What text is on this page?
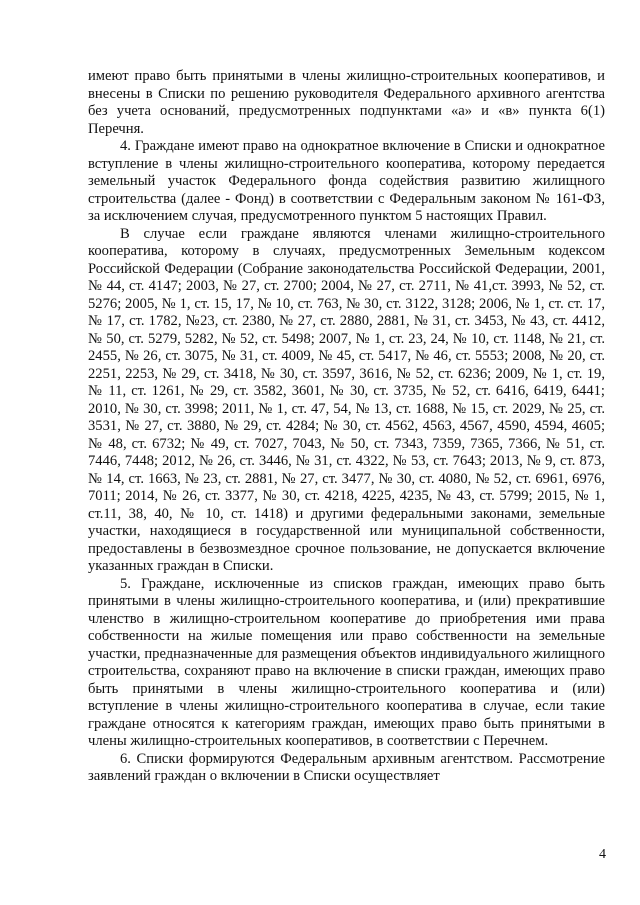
имеют право быть принятыми в члены жилищно-строительных кооперативов, и внесены в Списки по решению руководителя Федерального архивного агентства без учета оснований, предусмотренных подпунктами «а» и «в» пункта 6(1) Перечня.

4. Граждане имеют право на однократное включение в Списки и однократное вступление в члены жилищно-строительного кооператива, которому передается земельный участок Федерального фонда содействия развитию жилищного строительства (далее - Фонд) в соответствии с Федеральным законом № 161-ФЗ, за исключением случая, предусмотренного пунктом 5 настоящих Правил.

В случае если граждане являются членами жилищно-строительного кооператива, которому в случаях, предусмотренных Земельным кодексом Российской Федерации (Собрание законодательства Российской Федерации, 2001, № 44, ст. 4147; 2003, № 27, ст. 2700; 2004, № 27, ст. 2711, № 41,ст. 3993, № 52, ст. 5276; 2005, № 1, ст. 15, 17, № 10, ст. 763, № 30, ст. 3122, 3128; 2006, № 1, ст. ст. 17, № 17, ст. 1782, №23, ст. 2380, № 27, ст. 2880, 2881, № 31, ст. 3453, № 43, ст. 4412, № 50, ст. 5279, 5282, № 52, ст. 5498; 2007, № 1, ст. 23, 24, № 10, ст. 1148, № 21, ст. 2455, № 26, ст. 3075, № 31, ст. 4009, № 45, ст. 5417, № 46, ст. 5553; 2008, № 20, ст. 2251, 2253, № 29, ст. 3418, № 30, ст. 3597, 3616, № 52, ст. 6236; 2009, № 1, ст. 19, № 11, ст. 1261, № 29, ст. 3582, 3601, № 30, ст. 3735, № 52, ст. 6416, 6419, 6441; 2010, № 30, ст. 3998; 2011, № 1, ст. 47, 54, № 13, ст. 1688, № 15, ст. 2029, № 25, ст. 3531, № 27, ст. 3880, № 29, ст. 4284; № 30, ст. 4562, 4563, 4567, 4590, 4594, 4605; № 48, ст. 6732; № 49, ст. 7027, 7043, № 50, ст. 7343, 7359, 7365, 7366, № 51, ст. 7446, 7448; 2012, № 26, ст. 3446, № 31, ст. 4322, № 53, ст. 7643; 2013, № 9, ст. 873, № 14, ст. 1663, № 23, ст. 2881, № 27, ст. 3477, № 30, ст. 4080, № 52, ст. 6961, 6976, 7011; 2014, № 26, ст. 3377, № 30, ст. 4218, 4225, 4235, № 43, ст. 5799; 2015, № 1, ст.11, 38, 40, № 10, ст. 1418) и другими федеральными законами, земельные участки, находящиеся в государственной или муниципальной собственности, предоставлены в безвозмездное срочное пользование, не допускается включение указанных граждан в Списки.

5. Граждане, исключенные из списков граждан, имеющих право быть принятыми в члены жилищно-строительного кооператива, и (или) прекратившие членство в жилищно-строительном кооперативе до приобретения ими права собственности на жилые помещения или право собственности на земельные участки, предназначенные для размещения объектов индивидуального жилищного строительства, сохраняют право на включение в списки граждан, имеющих право быть принятыми в члены жилищно-строительного кооператива и (или) вступление в члены жилищно-строительного кооператива в случае, если такие граждане относятся к категориям граждан, имеющих право быть принятыми в члены жилищно-строительных кооперативов, в соответствии с Перечнем.

6. Списки формируются Федеральным архивным агентством. Рассмотрение заявлений граждан о включении в Списки осуществляет

4
